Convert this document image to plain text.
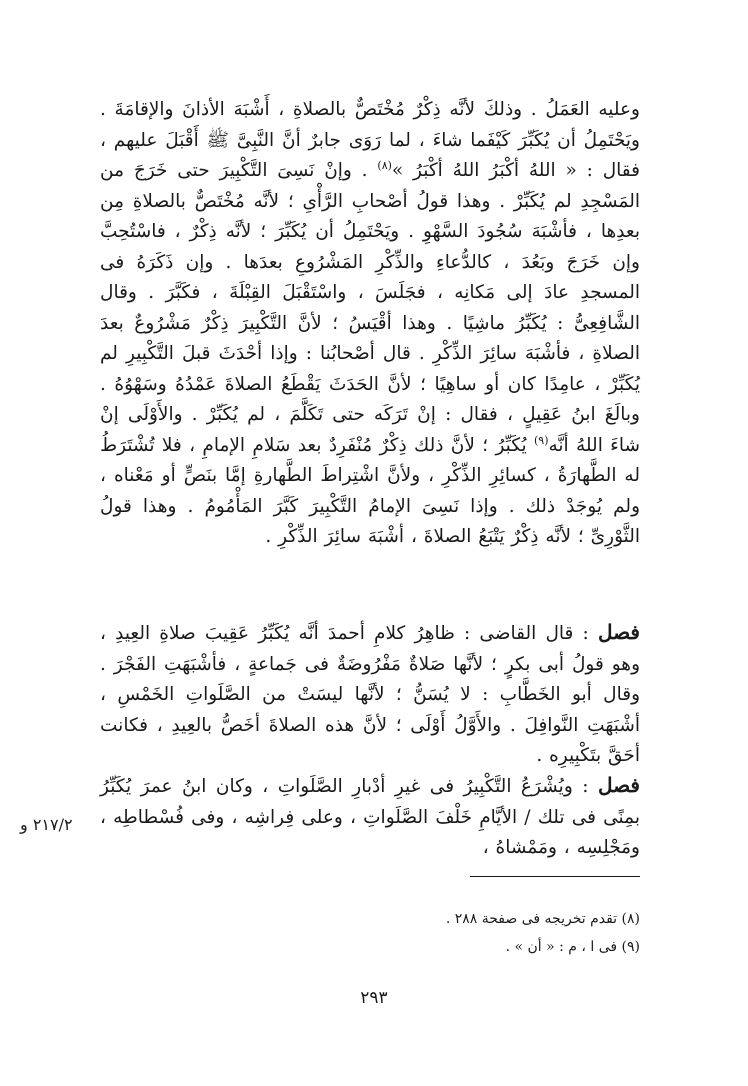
وعليه العَمَلُ . وذلكَ لأنَّه ذِكْرٌ مُخْتَصٌّ بالصلاةِ ، أَشْبَهَ الأذانَ والإقامَةَ . ويَحْتَمِلُ أن يُكَبِّرَ كَيْفَما شاءَ ، لما رَوَى جابرٌ أنَّ النَّبِىَّ ﷺ أَقْبَلَ عليهم ، فقال : « اللهُ أكْبَرُ اللهُ أكْبَرُ »$^{(٨)}$ . وإنْ نَسِىَ التَّكْبِيرَ حتى خَرَجَ من المَسْجِدِ لم يُكَبِّرْ . وهذا قولُ أصْحابِ الرَّأْىِ ؛ لأنَّه مُخْتَصٌّ بالصلاةِ مِن بعدِها ، فأشْبَهَ سُجُودَ السَّهْوِ . ويَحْتَمِلُ أن يُكَبِّرَ ؛ لأنَّه ذِكْرٌ ، فاسْتُحِبَّ وإن خَرَجَ وبَعُدَ ، كالدُّعاءِ والذِّكْرِ المَشْرُوعِ بعدَها . وإن ذَكَرَهُ فى المسجدِ عادَ إلى مَكانِه ، فجَلَسَ ، واسْتَقْبَلَ القِبْلَةَ ، فكَبَّرَ . وقال الشَّافِعِىُّ : يُكَبِّرُ ماشِيًا . وهذا أقْيَسُ ؛ لأنَّ التَّكْبِيرَ ذِكْرٌ مَشْرُوعٌ بعدَ الصلاةِ ، فأشْبَهَ سائِرَ الذِّكْرِ . قال أصْحابُنا : وإذا أحْدَثَ قبلَ التَّكْبِيرِ لم يُكَبِّرْ ، عامِدًا كان أو ساهِيًا ؛ لأنَّ الحَدَثَ يَقْطَعُ الصلاةَ عَمْدُهُ وسَهْوُهُ . وبالَغَ ابنُ عَقِيلٍ ، فقال : إنْ تَرَكَه حتى تَكَلَّمَ ، لم يُكَبِّرْ . والأَوْلَى إنْ شاءَ اللهُ أنَّه$^{(٩)}$ يُكَبِّرُ ؛ لأنَّ ذلك ذِكْرٌ مُنْفَرِدٌ بعد سَلامِ الإمامِ ، فلا تُشْتَرَطُ له الطَّهارَةُ ، كسائِرِ الذِّكْرِ ، ولأنَّ اشْتِراطَ الطَّهارةِ إمَّا بنَصٍّ أو مَعْناه ، ولم يُوجَدْ ذلك . وإذا نَسِىَ الإمامُ التَّكْبِيرَ كَبَّرَ المَأْمُومُ . وهذا قولُ الثَّوْرِىِّ ؛ لأنَّه ذِكْرٌ يَتْبَعُ الصلاةَ ، أشْبَهَ سائِرَ الذِّكْرِ .
فصل : قال القاضى : ظاهِرُ كلامِ أحمدَ أنَّه يُكَبِّرُ عَقِيبَ صلاةِ العِيدِ ، وهو قولُ أبى بكرٍ ؛ لأنَّها صَلاةٌ مَفْرُوضَةٌ فى جَماعةٍ ، فأشْبَهَتِ الفَجْرَ . وقال أبو الخَطَّابِ : لا يُسَنُّ ؛ لأنَّها ليسَتْ من الصَّلَواتِ الخَمْسِ ، أشْبَهَتِ النَّوافِلَ . والأَوَّلُ أَوْلَى ؛ لأنَّ هذه الصلاةَ أخَصُّ بالعِيدِ ، فكانت أحَقَّ بتَكْبِيرِه .
فصل : ويُشْرَعُ التَّكْبِيرُ فى غيرِ أدْبارِ الصَّلَواتِ ، وكان ابنُ عمرَ يُكَبِّرُ بمِنًى فى تلك / الأيَّامِ خَلْفَ الصَّلَواتِ ، وعلى فِراشِه ، وفى فُسْطاطِه ، ومَجْلِسِه ، ومَمْشاهُ ،
٢١٧/٢ و
(٨) تقدم تخريجه فى صفحة ٢٨٨ .
(٩) فى ا ، م : « أن » .
٢٩٣
